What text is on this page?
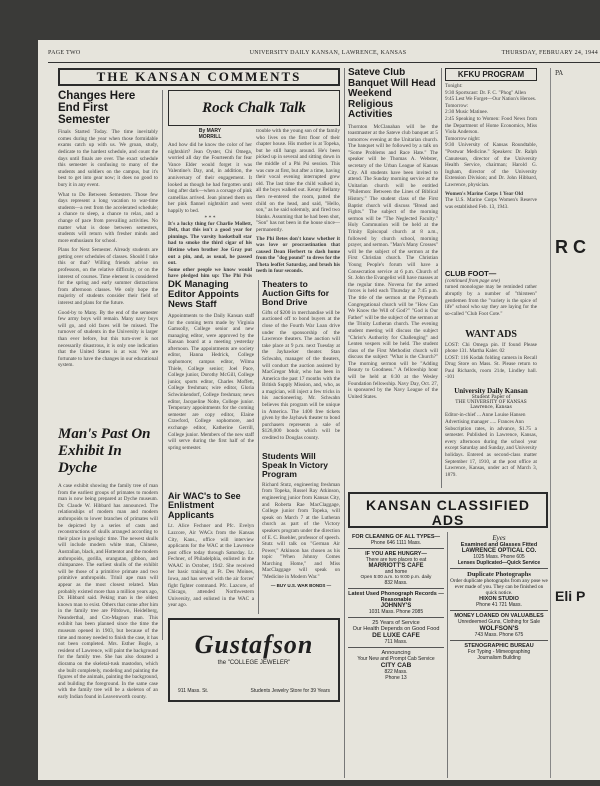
PAGE TWO	UNIVERSITY DAILY KANSAN, LAWRENCE, KANSAS	THURSDAY, FEBRUARY 24, 1944
THE KANSAN COMMENTS
Changes Here End First Semester
Finals Started Today. The time inevitably comes during the year when those formidable exams catch up with us. We groan, study, dedicate to the hardest schedule, and count the days until finals are over. The exact schedule this semester is confusing to many of the students and soldiers on the campus, but it's best to get into gear now; it does no good to bury it in any event.
What to Do Between Semesters. Those few days represent a long vacation to war-time students—a rest from the accelerated schedule; a chance to sleep, a chance to relax, and a change of pace from prevailing activities. No matter what is done between semesters, students will return with fresher minds and more enthusiasm for school.
Plans for Next Semester. Already students are getting over schedules of classes. Should I take this or that? Willing friends advise on professors, on the relative difficulty, or on the interest of courses. Time element is considered for the spring and early summer distractions from afternoon classes. We only hope the majority of students consider their field of interest and plans for the future.
Good-by to Many. By the end of the semester few army boys will remain. Many navy boys will go, and old faces will be missed. The turnover of students in the University is larger than ever before, but this turn-over is not necessarily disastrous, it is only one indication that the United States is at war. We are fortunate to have the changes in our educational system.
Man's Past On Exhibit In Dyche
A case exhibit showing the family tree of man from the earliest groups of primates to modern man is now being prepared at Dyche museum. Dr. Claude W. Hibbard has announced. The relationships of modern man and modern anthropoids to lower branches of primates will be depicted by a series of casts and reconstructions of skulls arranged according to their place in geologic time. The newest skulls will include modern white man, Chinese, Australian, black, and Hottentot and the modern anthropoids, gorilla, orangutan, gibbon, and chimpanzee. The earliest skulls of the exhibit will be those of a primitive primate and two primitive anthropoids. Trinil ape man will appear as the most closest related. Man probably existed more than a million years ago, Dr. Hibbard said. Peking man is the oldest known man to exist. Others that come after him in the family tree are Piltdown, Heidelberg, Neanderthal, and Cro-Magnon man. This exhibit has been planned since the time the museum opened in 1903, but because of the time and money needed to finish the case, it has not been completed. Mrs. Esther Bogle, a resident of Lawrence, will paint the background for the family tree. She has also donated a diorama on the skeletal-tusk mastodon, which she built completely, modeling and painting the figures of the animals, painting the background, and building the foreground. In the same case with the family tree will be a skeleton of an early Indian found in Leavenworth county.
Rock Chalk Talk
By MARY
MORRILL
And how did he know the color of her nightshirt? Jean Oyster, Chi Omega, worried all day the Fourteenth for fear Vance Elder would forget it was Valentine's Day, and, in addition, the anniversary of their engagement. It looked as though he had forgotten until long after dark—when a corsage of pink camellias arrived. Jean pinned them on her pink flannel nightshirt and went happily to bed.
* * *
It's a lucky thing for Charlie Mollett, Delt, that this isn't a good year for pinnings. The varsity basketball star had to smoke the third cigar of his lifetime when brother Joe Gray put out a pin, and, as usual, he passed out.
Some other people we know would have pledged him up: The Phi Psis
trouble with the young son of the family who lives on the first floor of their chapter house. His mother is at Topeka, but he still hangs around. He's been picked up in several and sitting down in the middle of a Phi Psi session. This was cute at first, but after a time, having their vocal evening interrupted grew old. The last time the child walked in, all the boys walked out. Kenny Bellamy then re-entered the room, patted the child on the head, and said, "Hello, son," as he said solemnly, and fired two blanks. Assuming that he had been shot, "Son" has not been in the house since—permanently.
The Phi Betes don't know whether it was love or procrastination that caused Dean Herbert to dash home from the "dog pound" to dress for the Theta leoffet Saturday, and brush his teeth in four seconds.
DK Managing Editor Appoints News Staff
Appointments to the Daily Kansan staff for the coming term made by Virginia Gamsolly, College senior and new managing editor, were approved by the Kansan board at a meeting yesterday afternoon. The appointments are society editor, Hanna Hedrick, College sophomore; campus editor, Wilma Thiele, College senior; Joel Pace, College junior, Dorothy McGill, College junior, sports editor, Charles Moffett, College freshman; wire editor, Gloria Schwinkendorf, College freshman; news editor, Jacqueline Nolte, College junior. Temporary appointments for the coming semester are copy editor, Elaine Crawford, College sophomore, and exchange editor, Katherine Gerrill, College junior. Members of the new staff will serve during the first half of the spring semester.
Air WAC's to See Enlistment Applicants
Lt. Alice Fechner and Pfc. Evelyn Lazcore, Air WACs from the Kansas City, Kans., office will interview applicants for the WAC at the Lawrence post office today through Saturday. Lt. Fechner, of Philadelphia, enlisted in the WAAC in October, 1942. She received her basic training at Ft. Des Moines, Iowa, and has served with the air forces' fight fighter command. Pfc. Lazcore, of Chicago, attended Northwestern University, and enlisted in the WAC a year ago.
Theaters to Auction Gifts for Bond Drive
Gifts of $200 in merchandise will be auctioned off to bond buyers at the close of the Fourth War Loan drive under the sponsorship of the Lawrence theaters. The auction will take place at 9 p.m. next Tuesday at the Jayhawker theater. Stan Schwahn, manager of the theaters, will conduct the auction assisted by MacGregor Muir, who has been in America the past 17 months with the British Supply Mission, and, who, as a magician, will inject a few tricks in his auctioneering. Mr. Schwahn believes this program will be unique in America. The 1400 free tickets given by the Jayhawk theater to bond purchasers represents a sale of $126,000 bonds which will be credited to Douglas county.
Students Will Speak In Victory Program
Richard Stutz, engineering freshman from Topeka, Russel Ray Atkinson, engineering junior from Kansas City, and Roberta Rae MacClaggage, College junior from Topeka, will speak on March 7 at the Lutheran church as part of the Victory speakers program under the direction of E. C. Buehler, professor of speech. Stutz will talk on "German Air Power," Atkinson has chosen as his topic "When Johnny Comes Marching Home," and Miss MacClaggage will speak on "Medicine in Modern War."
— BUY U.S. WAR BONDS —
Gustafson
the "COLLEGE JEWELER"
911 Mass. St.	Students Jewelry Store for 39 Years
Sateve Club Banquet Will Head Weekend Religious Activities
Thornton McClanahan will be the toastmaster at the Sateve club banquet at 5 tomorrow evening at the Unitarian church. The banquet will be followed by a talk on "Some Problems and Race Hate." The speaker will be Thomas A. Webster, secretary of the Urban League of Kansas City. All students have been invited to attend. The Sunday morning service at the Unitarian church will be entitled "Philemon: Between the Lines of Biblical History." The student class of the First Baptist church will discuss "Bread and Fights." The subject of the morning sermon will be "The Neglected Faculty." Holy Communion will be held at the Trinity Episcopal church at 8 a.m., followed by church school, morning prayer, and sermon. "Man's Many Crosses" will be the subject of the sermon at the First Christian church. The Christian Young People's forum will have a Consecration service at 6 p.m. Church of St. John the Evangelist will have masses at the regular time. Novena for the armed forces is held each Thursday at 7:45 p.m. The title of the sermon at the Plymouth Congregational church will be "How Can We Know the Will of God?" "God is Our Father" will be the subject of the sermon at the Trinity Lutheran church. The evening student meeting will discuss the subject "Christ's Authority for Challenging" and Lenten vespers will be held. The student class of the First Methodist church will discuss the subject "What is the Church?" The morning sermon will be "Adding Beauty to Goodness." A fellowship hour will be held at 6:30 at the Wesley Foundation fellowship. Navy Day, Oct. 27, is sponsored by the Navy League of the United States.
KFKU PROGRAM
Tonight:
9:30 Sportscast: Dr. F. C. "Phog" Allen
9:45 Lest We Forget—Our Nation's Heroes.
Tomorrow:
2:30 Music Matinee.
2:45 Speaking to Women: Food News from the Department of Home Economics, Miss Viola Anderson.
Tomorrow night:
9:30 University of Kansas Roundtable, "Postwar Medicine." Speakers: Dr. Ralph Canuteson, director of the University Health Service, chairman; Harold G. Ingham, director of the University Extension Division; and Dr. John Hibbard, Lawrence, physician.
Women's Marine Corps 1 Year Old
The U.S. Marine Corps Women's Reserve was established Feb. 13, 1943.
CLUB FOOT—
(continued from page one)
turned monologue may be reminded rather abruptly by a number of "thirsteen" gentlemen from the "variety is the spice of life" school who say they are laying for the so-called "Club Foot Cote."
WANT ADS
LOST: Chi Omega pin. If found Please phone 131. Martha Kaler. 02
LOST: 116 Kodak folding camera in Recall Drug Store on Mass. St. Please return to Paul Richards, room 214e, Lindley hall. -101
University Daily Kansan
Student Paper of
THE UNIVERSITY OF KANSAS
Lawrence, Kansas
Editor-in-chief ... Anne Louise Hansen
Advertising manager ..... Frances Ann
Subscription rates, in advance, $1.75 a semester. Published in Lawrence, Kansas, every afternoon during the school year except Saturday and Sunday, and University holidays. Entered as second-class matter September 17, 1910, at the post office at Lawrence, Kansas, under act of March 3, 1879.
KANSAN CLASSIFIED ADS
FOR CLEANING OF ALL TYPES—
Phone 646 1111 Mass.
IF YOU ARE HUNGRY—
There are two places to eat
MARRIOTT'S CAFE
and home
Open 5:00 a.m. to 9:00 p.m. daily
832 Mass.
Latest Used Phonograph Records — Reasonable
JOHNNY'S
1031 Mass. Phone 2085
25 Years of Service
Our Health Depends on Good Food
DE LUXE CAFE
711 Mass.
Announcing
Your New and Prompt Cab Service
CITY CAB
822 Mass.
Phone 13
Eyes
Examined and Glasses Fitted
LAWRENCE OPTICAL CO.
1025 Mass. Phone 605
Lenses Duplicated—Quick Service
Duplicate Photographs
Order duplicate photographs from any pose we ever made of you. They can be finished on quick notice.
HIXON STUDIO
Phone 41 721 Mass.
MONEY LOANED ON VALUABLES
Unredeemed Guns, Clothing for Sale
WOLFSON'S
743 Mass. Phone 675
STENOGRAPHIC BUREAU
For Typing - Mimeographing
Journalism Building
PA
R C
Eli P
